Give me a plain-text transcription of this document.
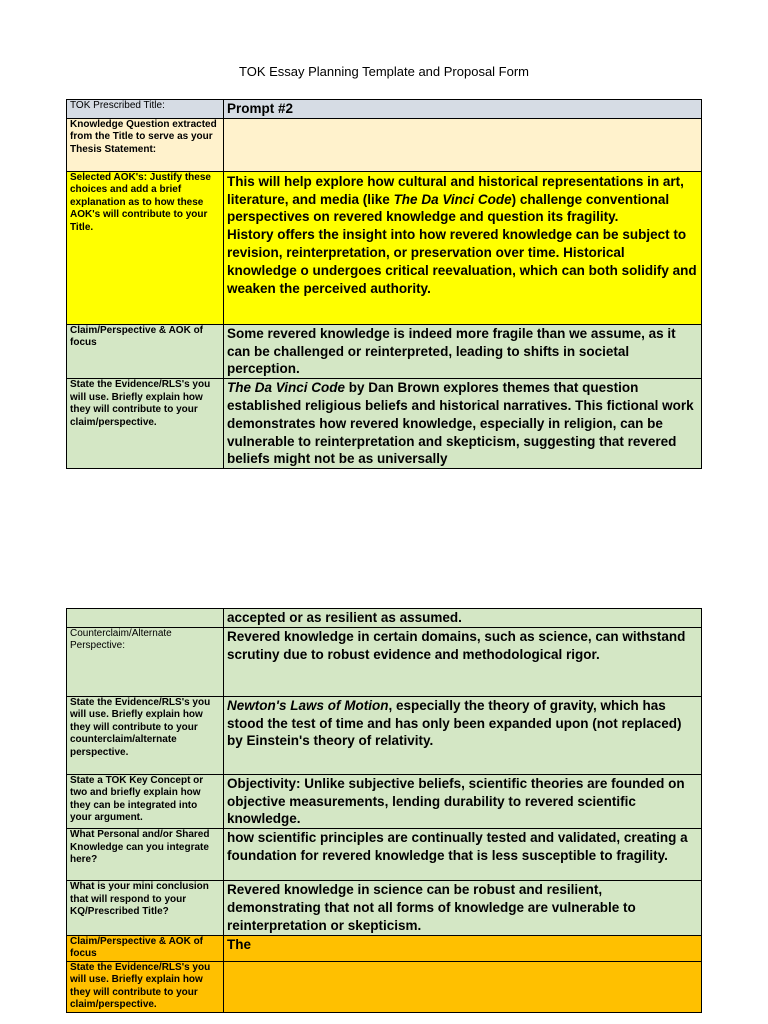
TOK Essay Planning Template and Proposal Form
TOK Prescribed Title:	Prompt #2
Knowledge Question extracted from the Title to serve as your Thesis Statement:	
Selected AOK's: Justify these choices and add a brief explanation as to how these AOK's will contribute to your Title.	This will help explore how cultural and historical representations in art, literature, and media (like The Da Vinci Code) challenge conventional perspectives on revered knowledge and question its fragility.
History offers the insight into how revered knowledge can be subject to revision, reinterpretation, or preservation over time. Historical knowledge o undergoes critical reevaluation, which can both solidify and weaken the perceived authority.
Claim/Perspective & AOK of focus	Some revered knowledge is indeed more fragile than we assume, as it can be challenged or reinterpreted, leading to shifts in societal perception.
State the Evidence/RLS's you will use. Briefly explain how they will contribute to your claim/perspective.	The Da Vinci Code by Dan Brown explores themes that question established religious beliefs and historical narratives. This fictional work demonstrates how revered knowledge, especially in religion, can be vulnerable to reinterpretation and skepticism, suggesting that revered beliefs might not be as universally
	accepted or as resilient as assumed.
Counterclaim/Alternate Perspective:	Revered knowledge in certain domains, such as science, can withstand scrutiny due to robust evidence and methodological rigor.
State the Evidence/RLS's you will use. Briefly explain how they will contribute to your counterclaim/alternate perspective.	Newton's Laws of Motion, especially the theory of gravity, which has stood the test of time and has only been expanded upon (not replaced) by Einstein's theory of relativity.
State a TOK Key Concept or two and briefly explain how they can be integrated into your argument.	Objectivity: Unlike subjective beliefs, scientific theories are founded on objective measurements, lending durability to revered scientific knowledge.
What Personal and/or Shared Knowledge can you integrate here?	how scientific principles are continually tested and validated, creating a foundation for revered knowledge that is less susceptible to fragility.
What is your mini conclusion that will respond to your KQ/Prescribed Title?	Revered knowledge in science can be robust and resilient, demonstrating that not all forms of knowledge are vulnerable to reinterpretation or skepticism.
Claim/Perspective & AOK of focus	The
State the Evidence/RLS's you will use. Briefly explain how they will contribute to your claim/perspective.	
